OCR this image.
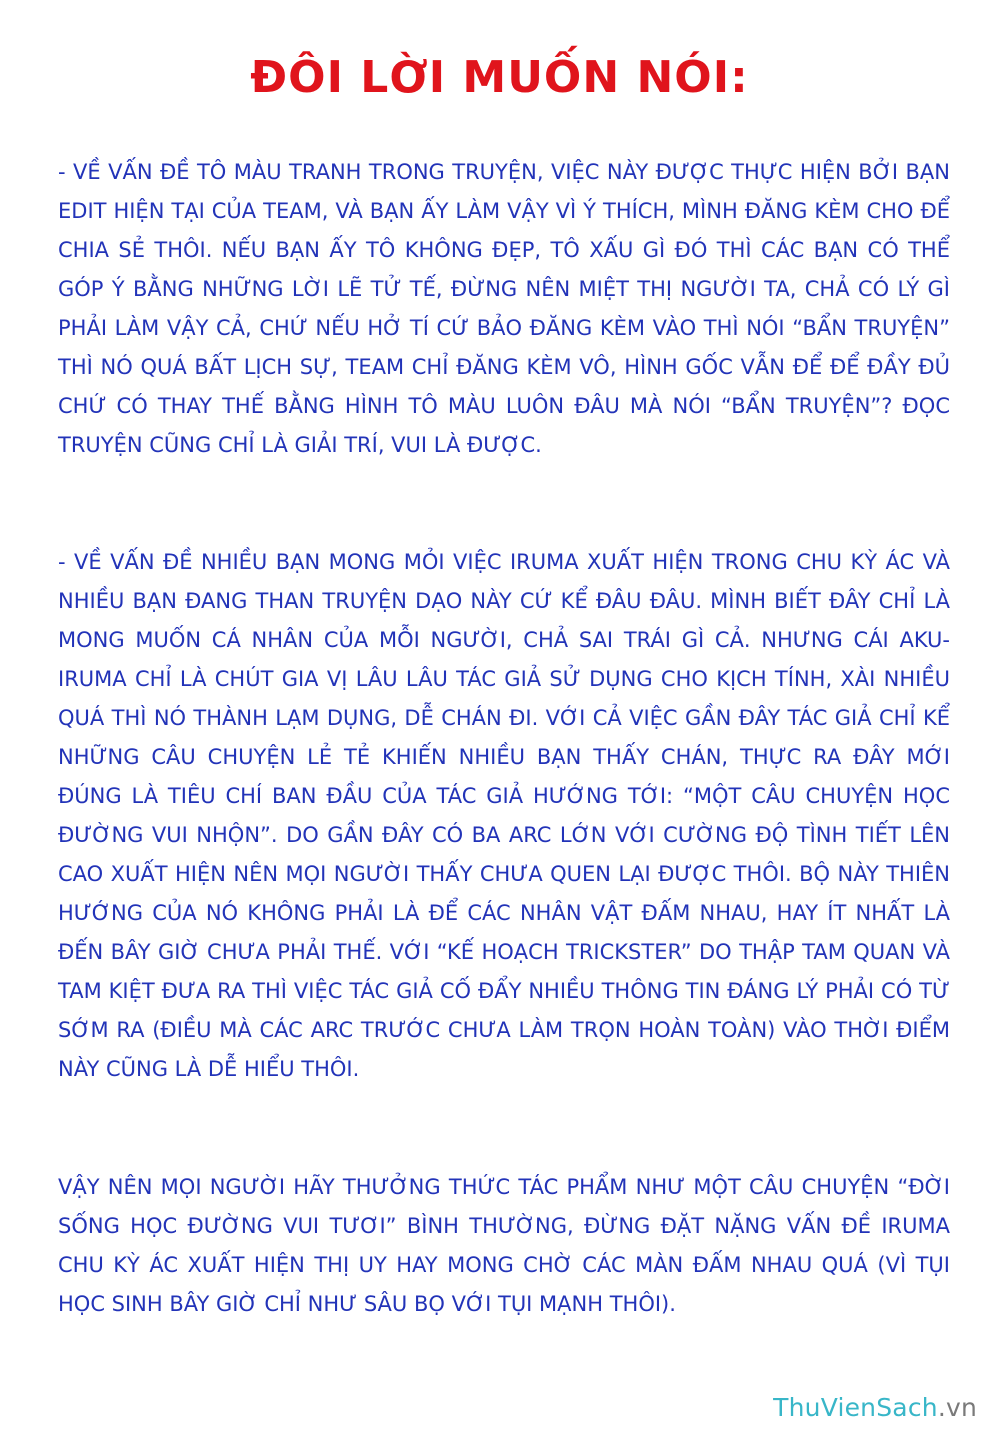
ĐÔI LỜI MUỐN NÓI:

- VỀ VẤN ĐỀ TÔ MÀU TRANH TRONG TRUYỆN, VIỆC NÀY ĐƯỢC THỰC HIỆN BỞI BẠN EDIT HIỆN TẠI CỦA TEAM, VÀ BẠN ẤY LÀM VẬY VÌ Ý THÍCH, MÌNH ĐĂNG KÈM CHO ĐỂ CHIA SẺ THÔI. NẾU BẠN ẤY TÔ KHÔNG ĐẸP, TÔ XẤU GÌ ĐÓ THÌ CÁC BẠN CÓ THỂ GÓP Ý BẰNG NHỮNG LỜI LẼ TỬ TẾ, ĐỪNG NÊN MIỆT THỊ NGƯỜI TA, CHẢ CÓ LÝ GÌ PHẢI LÀM VẬY CẢ, CHỨ NẾU HỞ TÍ CỨ BẢO ĐĂNG KÈM VÀO THÌ NÓI “BẨN TRUYỆN” THÌ NÓ QUÁ BẤT LỊCH SỰ, TEAM CHỈ ĐĂNG KÈM VÔ, HÌNH GỐC VẪN ĐỂ ĐỂ ĐẦY ĐỦ CHỨ CÓ THAY THẾ BẰNG HÌNH TÔ MÀU LUÔN ĐÂU MÀ NÓI “BẨN TRUYỆN”? ĐỌC TRUYỆN CŨNG CHỈ LÀ GIẢI TRÍ, VUI LÀ ĐƯỢC.

- VỀ VẤN ĐỀ NHIỀU BẠN MONG MỎI VIỆC IRUMA XUẤT HIỆN TRONG CHU KỲ ÁC VÀ NHIỀU BẠN ĐANG THAN TRUYỆN DẠO NÀY CỨ KỂ ĐÂU ĐÂU. MÌNH BIẾT ĐÂY CHỈ LÀ MONG MUỐN CÁ NHÂN CỦA MỖI NGƯỜI, CHẢ SAI TRÁI GÌ CẢ. NHƯNG CÁI AKU-IRUMA CHỈ LÀ CHÚT GIA VỊ LÂU LÂU TÁC GIẢ SỬ DỤNG CHO KỊCH TÍNH, XÀI NHIỀU QUÁ THÌ NÓ THÀNH LẠM DỤNG, DỄ CHÁN ĐI. VỚI CẢ VIỆC GẦN ĐÂY TÁC GIẢ CHỈ KỂ NHỮNG CÂU CHUYỆN LẺ TẺ KHIẾN NHIỀU BẠN THẤY CHÁN, THỰC RA ĐÂY MỚI ĐÚNG LÀ TIÊU CHÍ BAN ĐẦU CỦA TÁC GIẢ HƯỚNG TỚI: “MỘT CÂU CHUYỆN HỌC ĐƯỜNG VUI NHỘN”. DO GẦN ĐÂY CÓ BA ARC LỚN VỚI CƯỜNG ĐỘ TÌNH TIẾT LÊN CAO XUẤT HIỆN NÊN MỌI NGƯỜI THẤY CHƯA QUEN LẠI ĐƯỢC THÔI. BỘ NÀY THIÊN HƯỚNG CỦA NÓ KHÔNG PHẢI LÀ ĐỂ CÁC NHÂN VẬT ĐẤM NHAU, HAY ÍT NHẤT LÀ ĐẾN BÂY GIỜ CHƯA PHẢI THẾ. VỚI “KẾ HOẠCH TRICKSTER” DO THẬP TAM QUAN VÀ TAM KIỆT ĐƯA RA THÌ VIỆC TÁC GIẢ CỐ ĐẨY NHIỀU THÔNG TIN ĐÁNG LÝ PHẢI CÓ TỪ SỚM RA (ĐIỀU MÀ CÁC ARC TRƯỚC CHƯA LÀM TRỌN HOÀN TOÀN) VÀO THỜI ĐIỂM NÀY CŨNG LÀ DỄ HIỂU THÔI.

VẬY NÊN MỌI NGƯỜI HÃY THƯỞNG THỨC TÁC PHẨM NHƯ MỘT CÂU CHUYỆN “ĐỜI SỐNG HỌC ĐƯỜNG VUI TƯƠI” BÌNH THƯỜNG, ĐỪNG ĐẶT NẶNG VẤN ĐỀ IRUMA CHU KỲ ÁC XUẤT HIỆN THỊ UY HAY MONG CHỜ CÁC MÀN ĐẤM NHAU QUÁ (VÌ TỤI HỌC SINH BÂY GIỜ CHỈ NHƯ SÂU BỌ VỚI TỤI MẠNH THÔI).

ThuVienSach.vn
